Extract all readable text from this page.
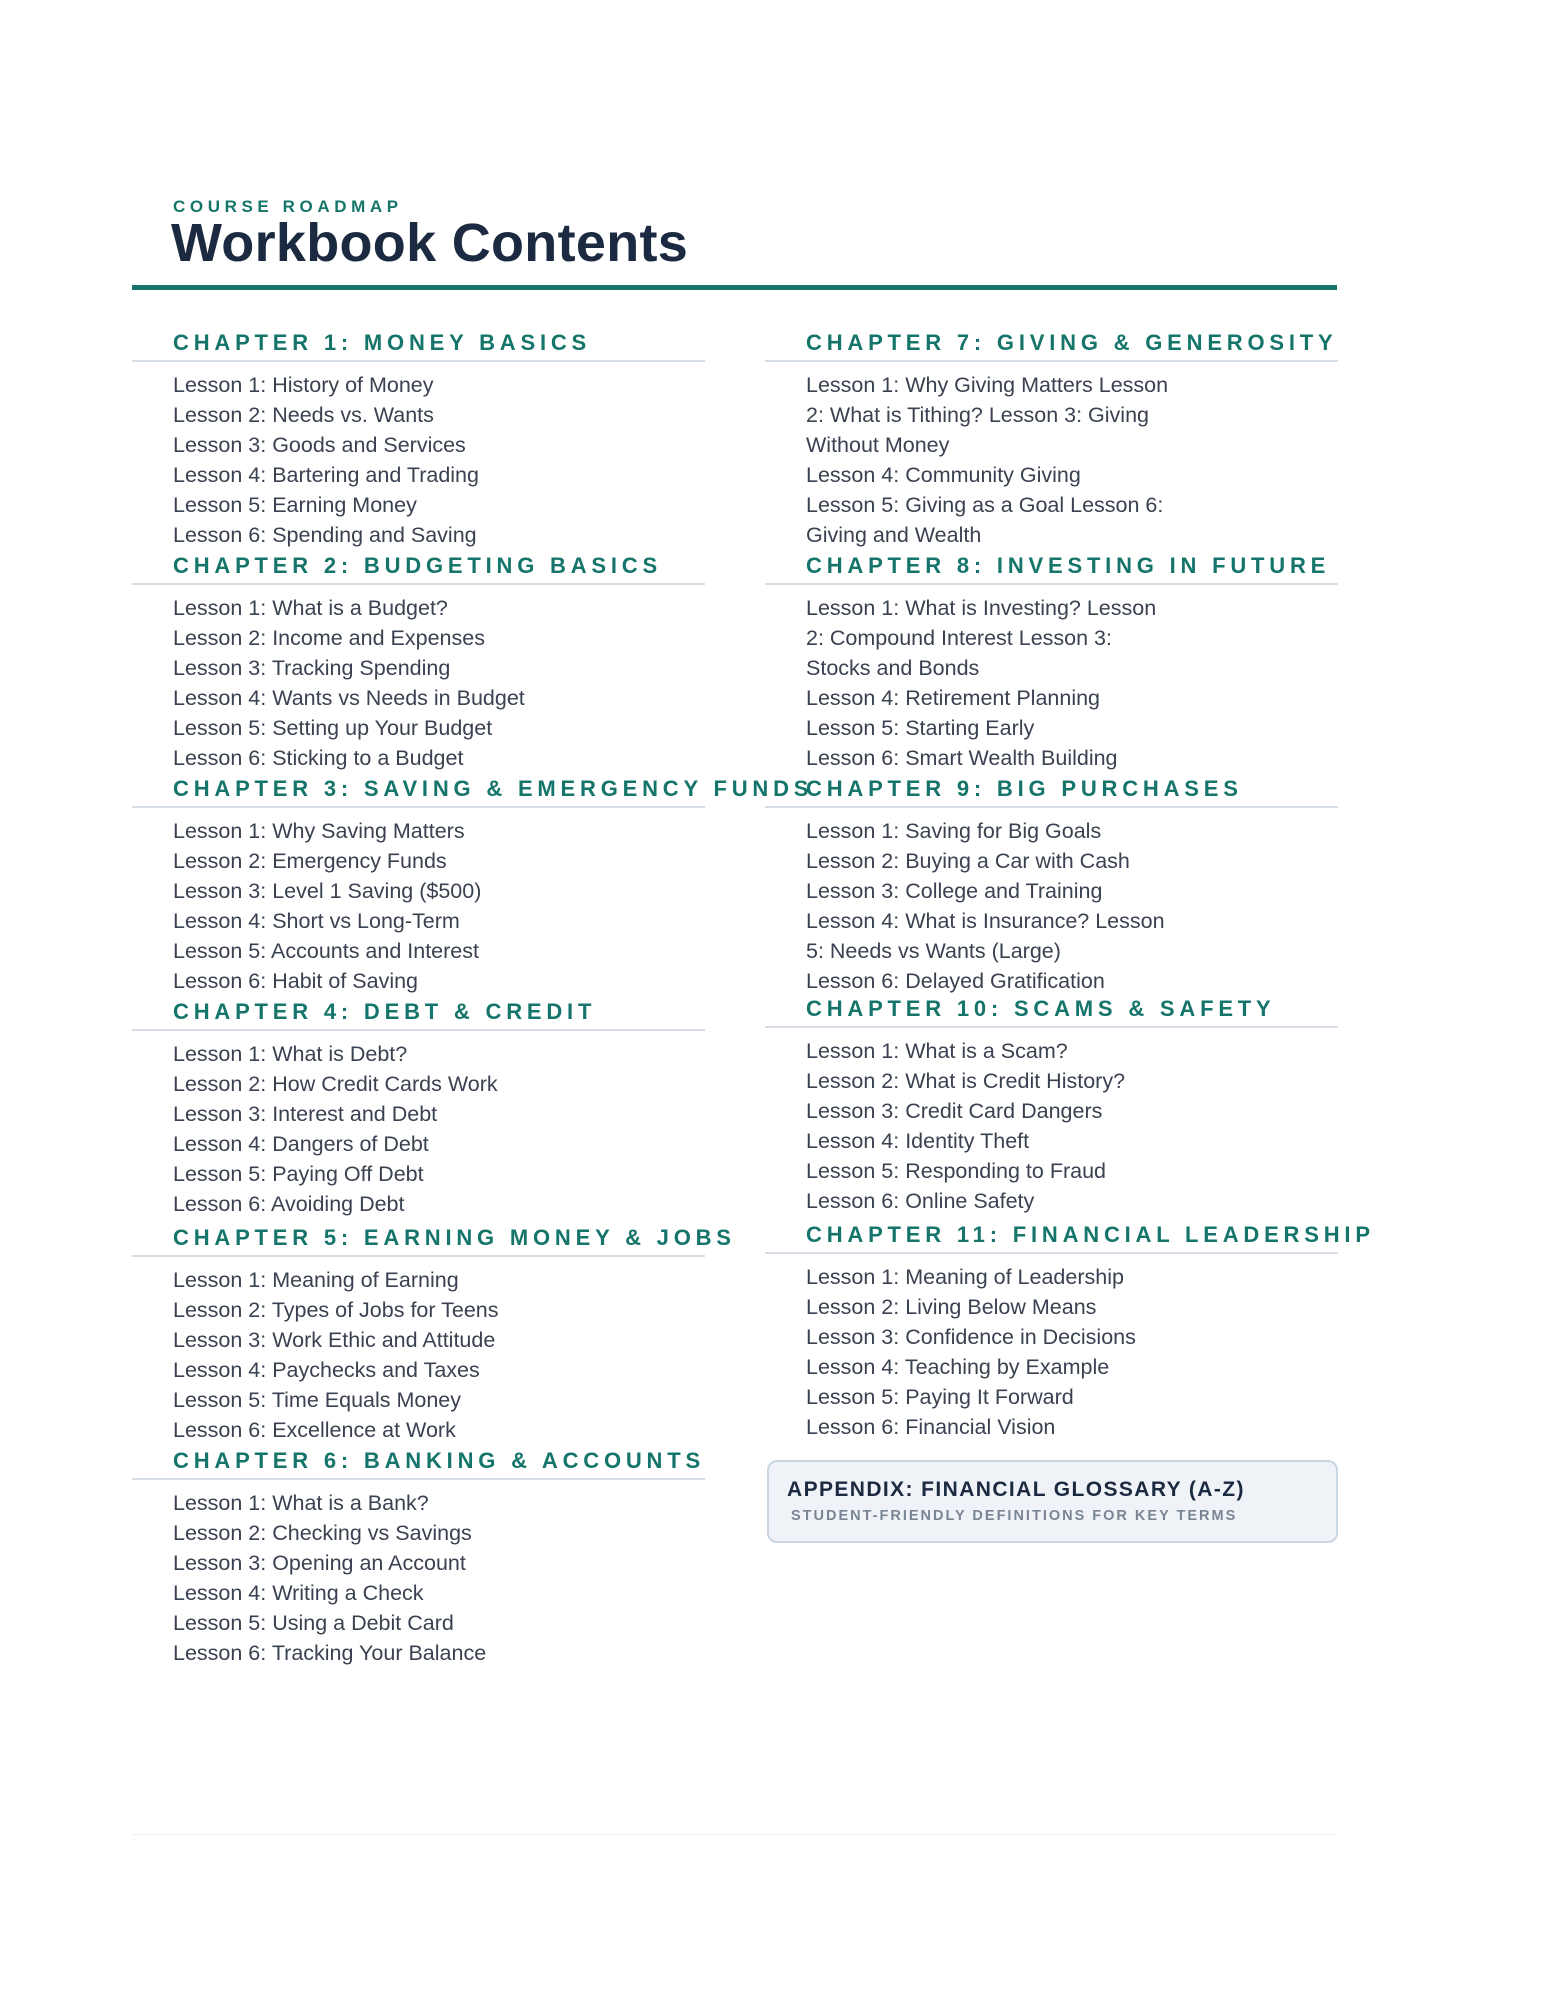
COURSE ROADMAP
Workbook Contents
CHAPTER 1: MONEY BASICS
Lesson 1: History of Money
Lesson 2: Needs vs. Wants
Lesson 3: Goods and Services
Lesson 4: Bartering and Trading
Lesson 5: Earning Money
Lesson 6: Spending and Saving
CHAPTER 2: BUDGETING BASICS
Lesson 1: What is a Budget?
Lesson 2: Income and Expenses
Lesson 3: Tracking Spending
Lesson 4: Wants vs Needs in Budget
Lesson 5: Setting up Your Budget
Lesson 6: Sticking to a Budget
CHAPTER 3: SAVING & EMERGENCY FUNDS
Lesson 1: Why Saving Matters
Lesson 2: Emergency Funds
Lesson 3: Level 1 Saving ($500)
Lesson 4: Short vs Long-Term
Lesson 5: Accounts and Interest
Lesson 6: Habit of Saving
CHAPTER 4: DEBT & CREDIT
Lesson 1: What is Debt?
Lesson 2: How Credit Cards Work
Lesson 3: Interest and Debt
Lesson 4: Dangers of Debt
Lesson 5: Paying Off Debt
Lesson 6: Avoiding Debt
CHAPTER 5: EARNING MONEY & JOBS
Lesson 1: Meaning of Earning
Lesson 2: Types of Jobs for Teens
Lesson 3: Work Ethic and Attitude
Lesson 4: Paychecks and Taxes
Lesson 5: Time Equals Money
Lesson 6: Excellence at Work
CHAPTER 6: BANKING & ACCOUNTS
Lesson 1: What is a Bank?
Lesson 2: Checking vs Savings
Lesson 3: Opening an Account
Lesson 4: Writing a Check
Lesson 5: Using a Debit Card
Lesson 6: Tracking Your Balance
CHAPTER 7: GIVING & GENEROSITY
Lesson 1: Why Giving Matters Lesson
2: What is Tithing? Lesson 3: Giving
Without Money
Lesson 4: Community Giving
Lesson 5: Giving as a Goal Lesson 6:
Giving and Wealth
CHAPTER 8: INVESTING IN FUTURE
Lesson 1: What is Investing? Lesson
2: Compound Interest Lesson 3:
Stocks and Bonds
Lesson 4: Retirement Planning
Lesson 5: Starting Early
Lesson 6: Smart Wealth Building
CHAPTER 9: BIG PURCHASES
Lesson 1: Saving for Big Goals
Lesson 2: Buying a Car with Cash
Lesson 3: College and Training
Lesson 4: What is Insurance? Lesson
5: Needs vs Wants (Large)
Lesson 6: Delayed Gratification
CHAPTER 10: SCAMS & SAFETY
Lesson 1: What is a Scam?
Lesson 2: What is Credit History?
Lesson 3: Credit Card Dangers
Lesson 4: Identity Theft
Lesson 5: Responding to Fraud
Lesson 6: Online Safety
CHAPTER 11: FINANCIAL LEADERSHIP
Lesson 1: Meaning of Leadership
Lesson 2: Living Below Means
Lesson 3: Confidence in Decisions
Lesson 4: Teaching by Example
Lesson 5: Paying It Forward
Lesson 6: Financial Vision
APPENDIX: FINANCIAL GLOSSARY (A-Z)
STUDENT-FRIENDLY DEFINITIONS FOR KEY TERMS
